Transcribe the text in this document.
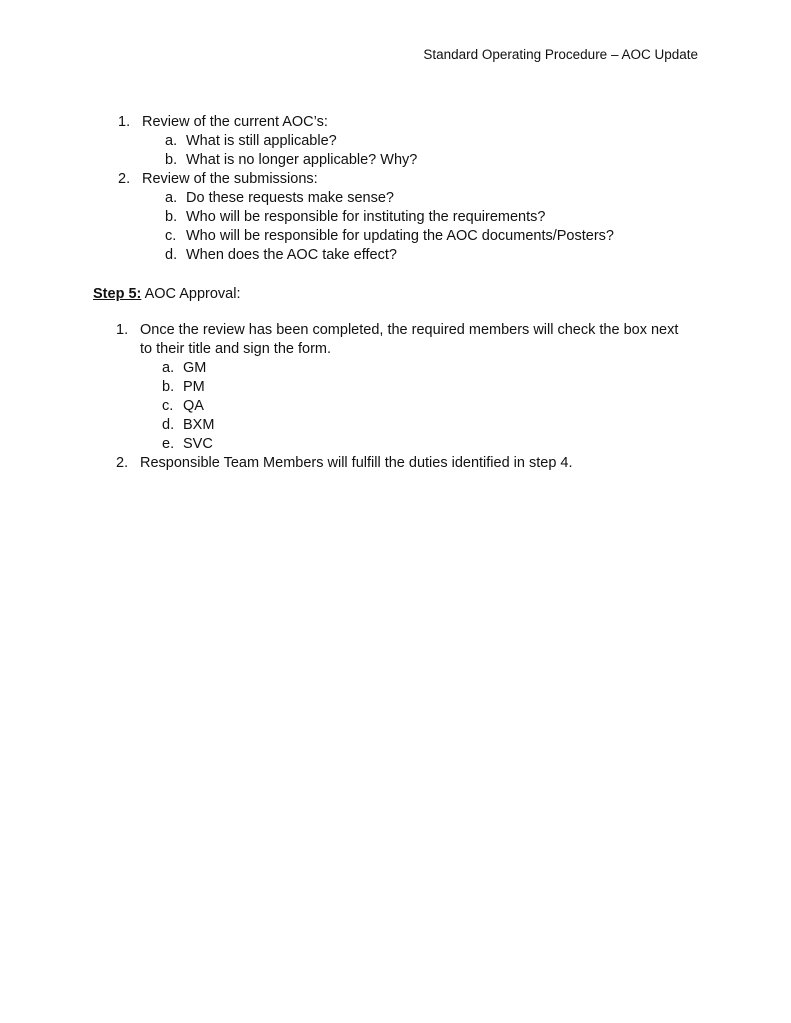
Standard Operating Procedure – AOC Update
1. Review of the current AOC’s:
a. What is still applicable?
b. What is no longer applicable? Why?
2. Review of the submissions:
a. Do these requests make sense?
b. Who will be responsible for instituting the requirements?
c. Who will be responsible for updating the AOC documents/Posters?
d. When does the AOC take effect?
Step 5: AOC Approval:
1. Once the review has been completed, the required members will check the box next
to their title and sign the form.
a. GM
b. PM
c. QA
d. BXM
e. SVC
2. Responsible Team Members will fulfill the duties identified in step 4.
